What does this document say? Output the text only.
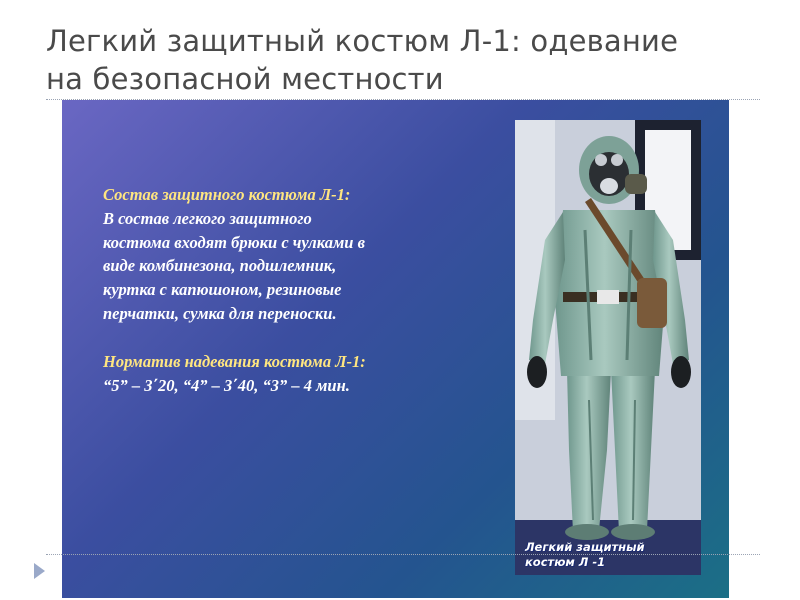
Легкий защитный костюм Л-1: одевание
на безопасной местности
Состав защитного костюма Л-1:
В состав легкого защитного
костюма входят брюки с чулками в
виде комбинезона, подшлемник,
куртка с капюшоном, резиновые
перчатки, сумка для переноски.
Норматив надевания костюма Л-1:
“5” – 3΄20, “4” – 3΄40, “3” – 4 мин.
Легкий защитный
костюм Л -1
